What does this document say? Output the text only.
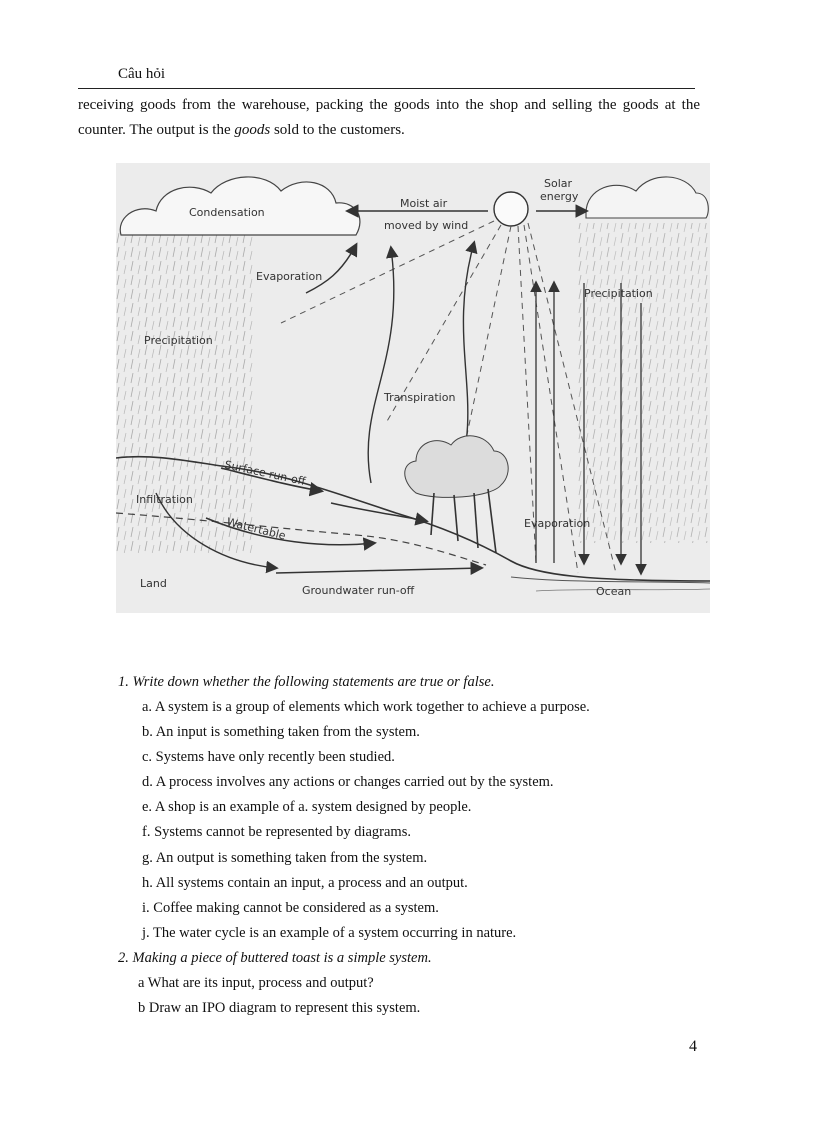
Câu hỏi

receiving goods from the warehouse, packing the goods into the shop and selling the goods at the counter. The output is the goods sold to the customers.

Condensation
Moist air
moved by wind
Solar
energy
Evaporation
Precipitation
Precipitation
Transpiration
Surface run-off
Infiltration
Watertable	Evaporation
Land
Groundwater run-off	Ocean

1. Write down whether the following statements are true or false.

a. A system is a group of elements which work together to achieve a purpose.

b. An input is something taken from the system.

c. Systems have only recently been studied.

d. A process involves any actions or changes carried out by the system.

e. A shop is an example of a. system designed by people.

f. Systems cannot be represented by diagrams.

g. An output is something taken from the system.

h. All systems contain an input, a process and an output.

i. Coffee making cannot be considered as a system.

j. The water cycle is an example of a system occurring in nature.

2. Making a piece of buttered toast is a simple system.

a What are its input, process and output?

b Draw an IPO diagram to represent this system.

4
